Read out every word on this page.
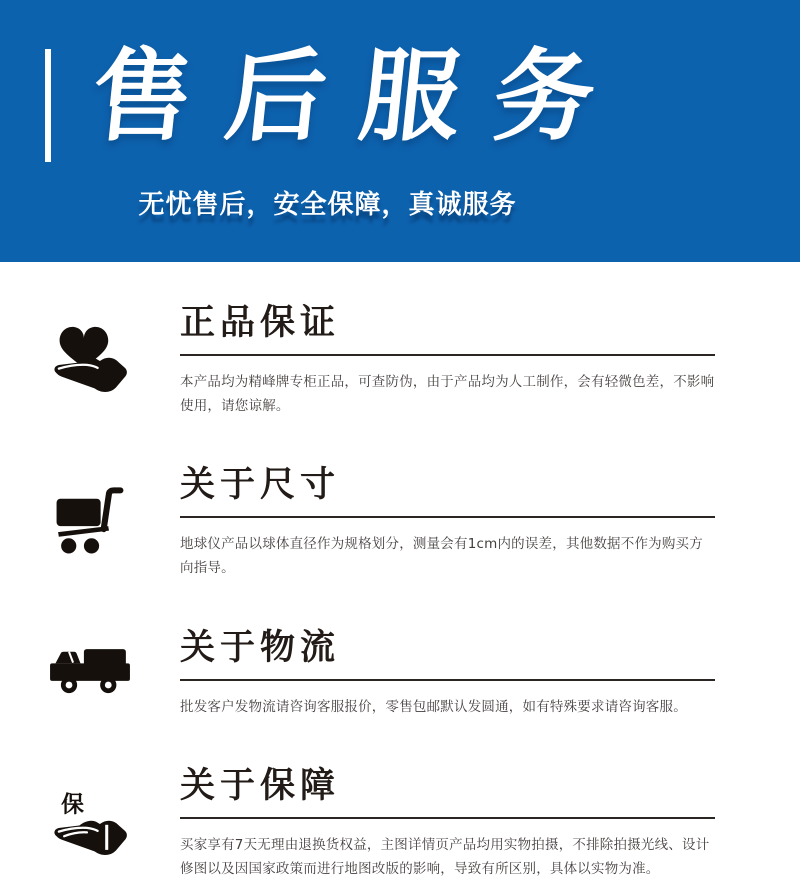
售后服务

无忧售后，安全保障，真诚服务

正品保证

本产品均为精峰牌专柜正品，可查防伪，由于产品均为人工制作，会有轻微色差，不影响使用，请您谅解。

关于尺寸

地球仪产品以球体直径作为规格划分，测量会有1cm内的误差，其他数据不作为购买方向指导。

关于物流

批发客户发物流请咨询客服报价，零售包邮默认发圆通，如有特殊要求请咨询客服。

保	关于保障

买家享有7天无理由退换货权益，主图详情页产品均用实物拍摄，不排除拍摄光线、设计修图以及因国家政策而进行地图改版的影响，导致有所区别，具体以实物为准。
